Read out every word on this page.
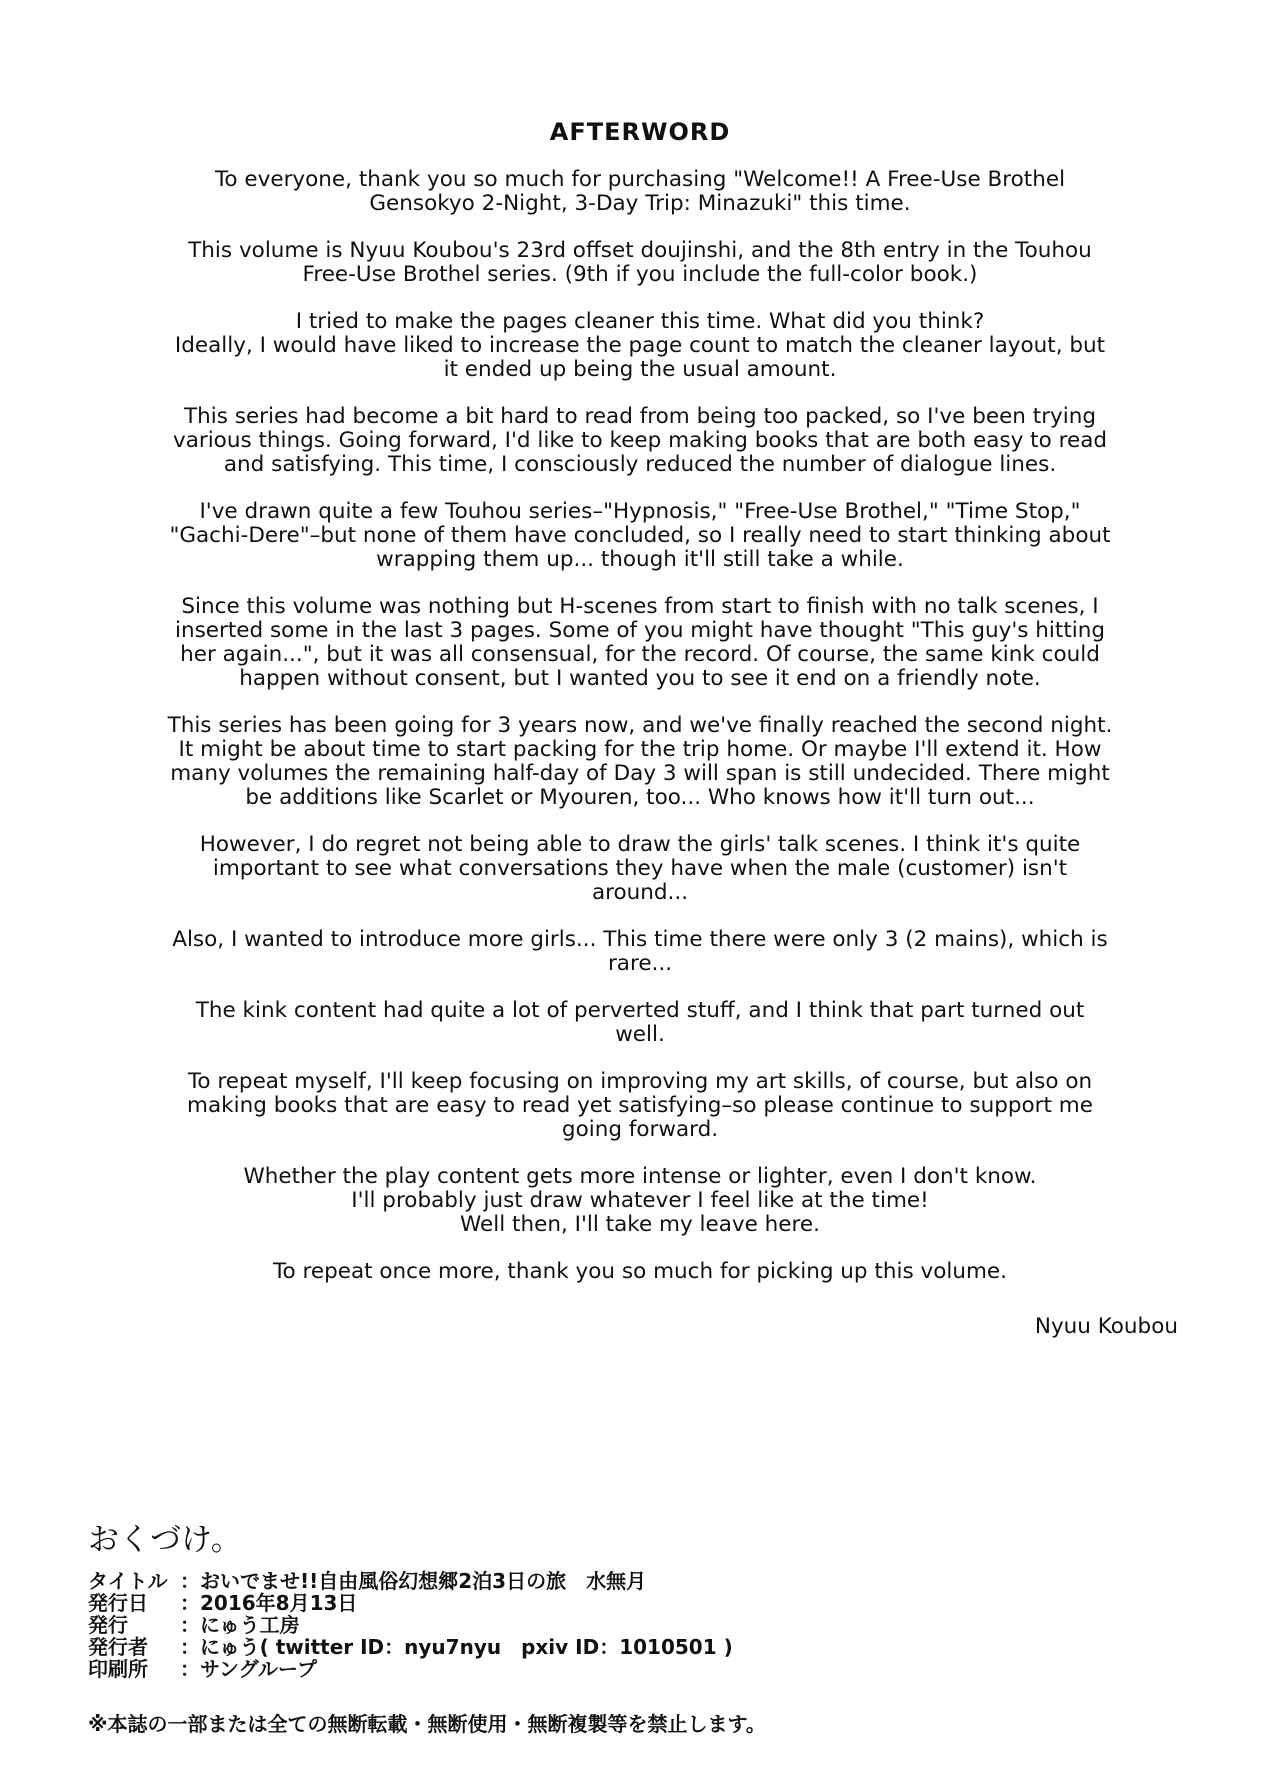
AFTERWORD
To everyone, thank you so much for purchasing "Welcome!! A Free-Use Brothel
Gensokyo 2-Night, 3-Day Trip: Minazuki" this time.
This volume is Nyuu Koubou's 23rd offset doujinshi, and the 8th entry in the Touhou
Free-Use Brothel series. (9th if you include the full-color book.)
I tried to make the pages cleaner this time. What did you think?
Ideally, I would have liked to increase the page count to match the cleaner layout, but
it ended up being the usual amount.
This series had become a bit hard to read from being too packed, so I've been trying
various things. Going forward, I'd like to keep making books that are both easy to read
and satisfying. This time, I consciously reduced the number of dialogue lines.
I've drawn quite a few Touhou series–"Hypnosis," "Free-Use Brothel," "Time Stop,"
"Gachi-Dere"–but none of them have concluded, so I really need to start thinking about
wrapping them up... though it'll still take a while.
Since this volume was nothing but H-scenes from start to finish with no talk scenes, I
inserted some in the last 3 pages. Some of you might have thought "This guy's hitting
her again...", but it was all consensual, for the record. Of course, the same kink could
happen without consent, but I wanted you to see it end on a friendly note.
This series has been going for 3 years now, and we've finally reached the second night.
It might be about time to start packing for the trip home. Or maybe I'll extend it. How
many volumes the remaining half-day of Day 3 will span is still undecided. There might
be additions like Scarlet or Myouren, too... Who knows how it'll turn out...
However, I do regret not being able to draw the girls' talk scenes. I think it's quite
important to see what conversations they have when the male (customer) isn't
around...
Also, I wanted to introduce more girls... This time there were only 3 (2 mains), which is
rare...
The kink content had quite a lot of perverted stuff, and I think that part turned out
well.
To repeat myself, I'll keep focusing on improving my art skills, of course, but also on
making books that are easy to read yet satisfying–so please continue to support me
going forward.
Whether the play content gets more intense or lighter, even I don't know.
I'll probably just draw whatever I feel like at the time!
Well then, I'll take my leave here.
To repeat once more, thank you so much for picking up this volume.
Nyuu Koubou
おくづけ。
タイトル ：おいでませ!!自由風俗幻想郷2泊3日の旅　水無月
発行日	：2016年8月13日
発行	：にゅう工房
発行者	：にゅう( twitter ID：nyu7nyu　pxiv ID：1010501 )
印刷所	：サングループ
※本誌の一部または全ての無断転載・無断使用・無断複製等を禁止します。
